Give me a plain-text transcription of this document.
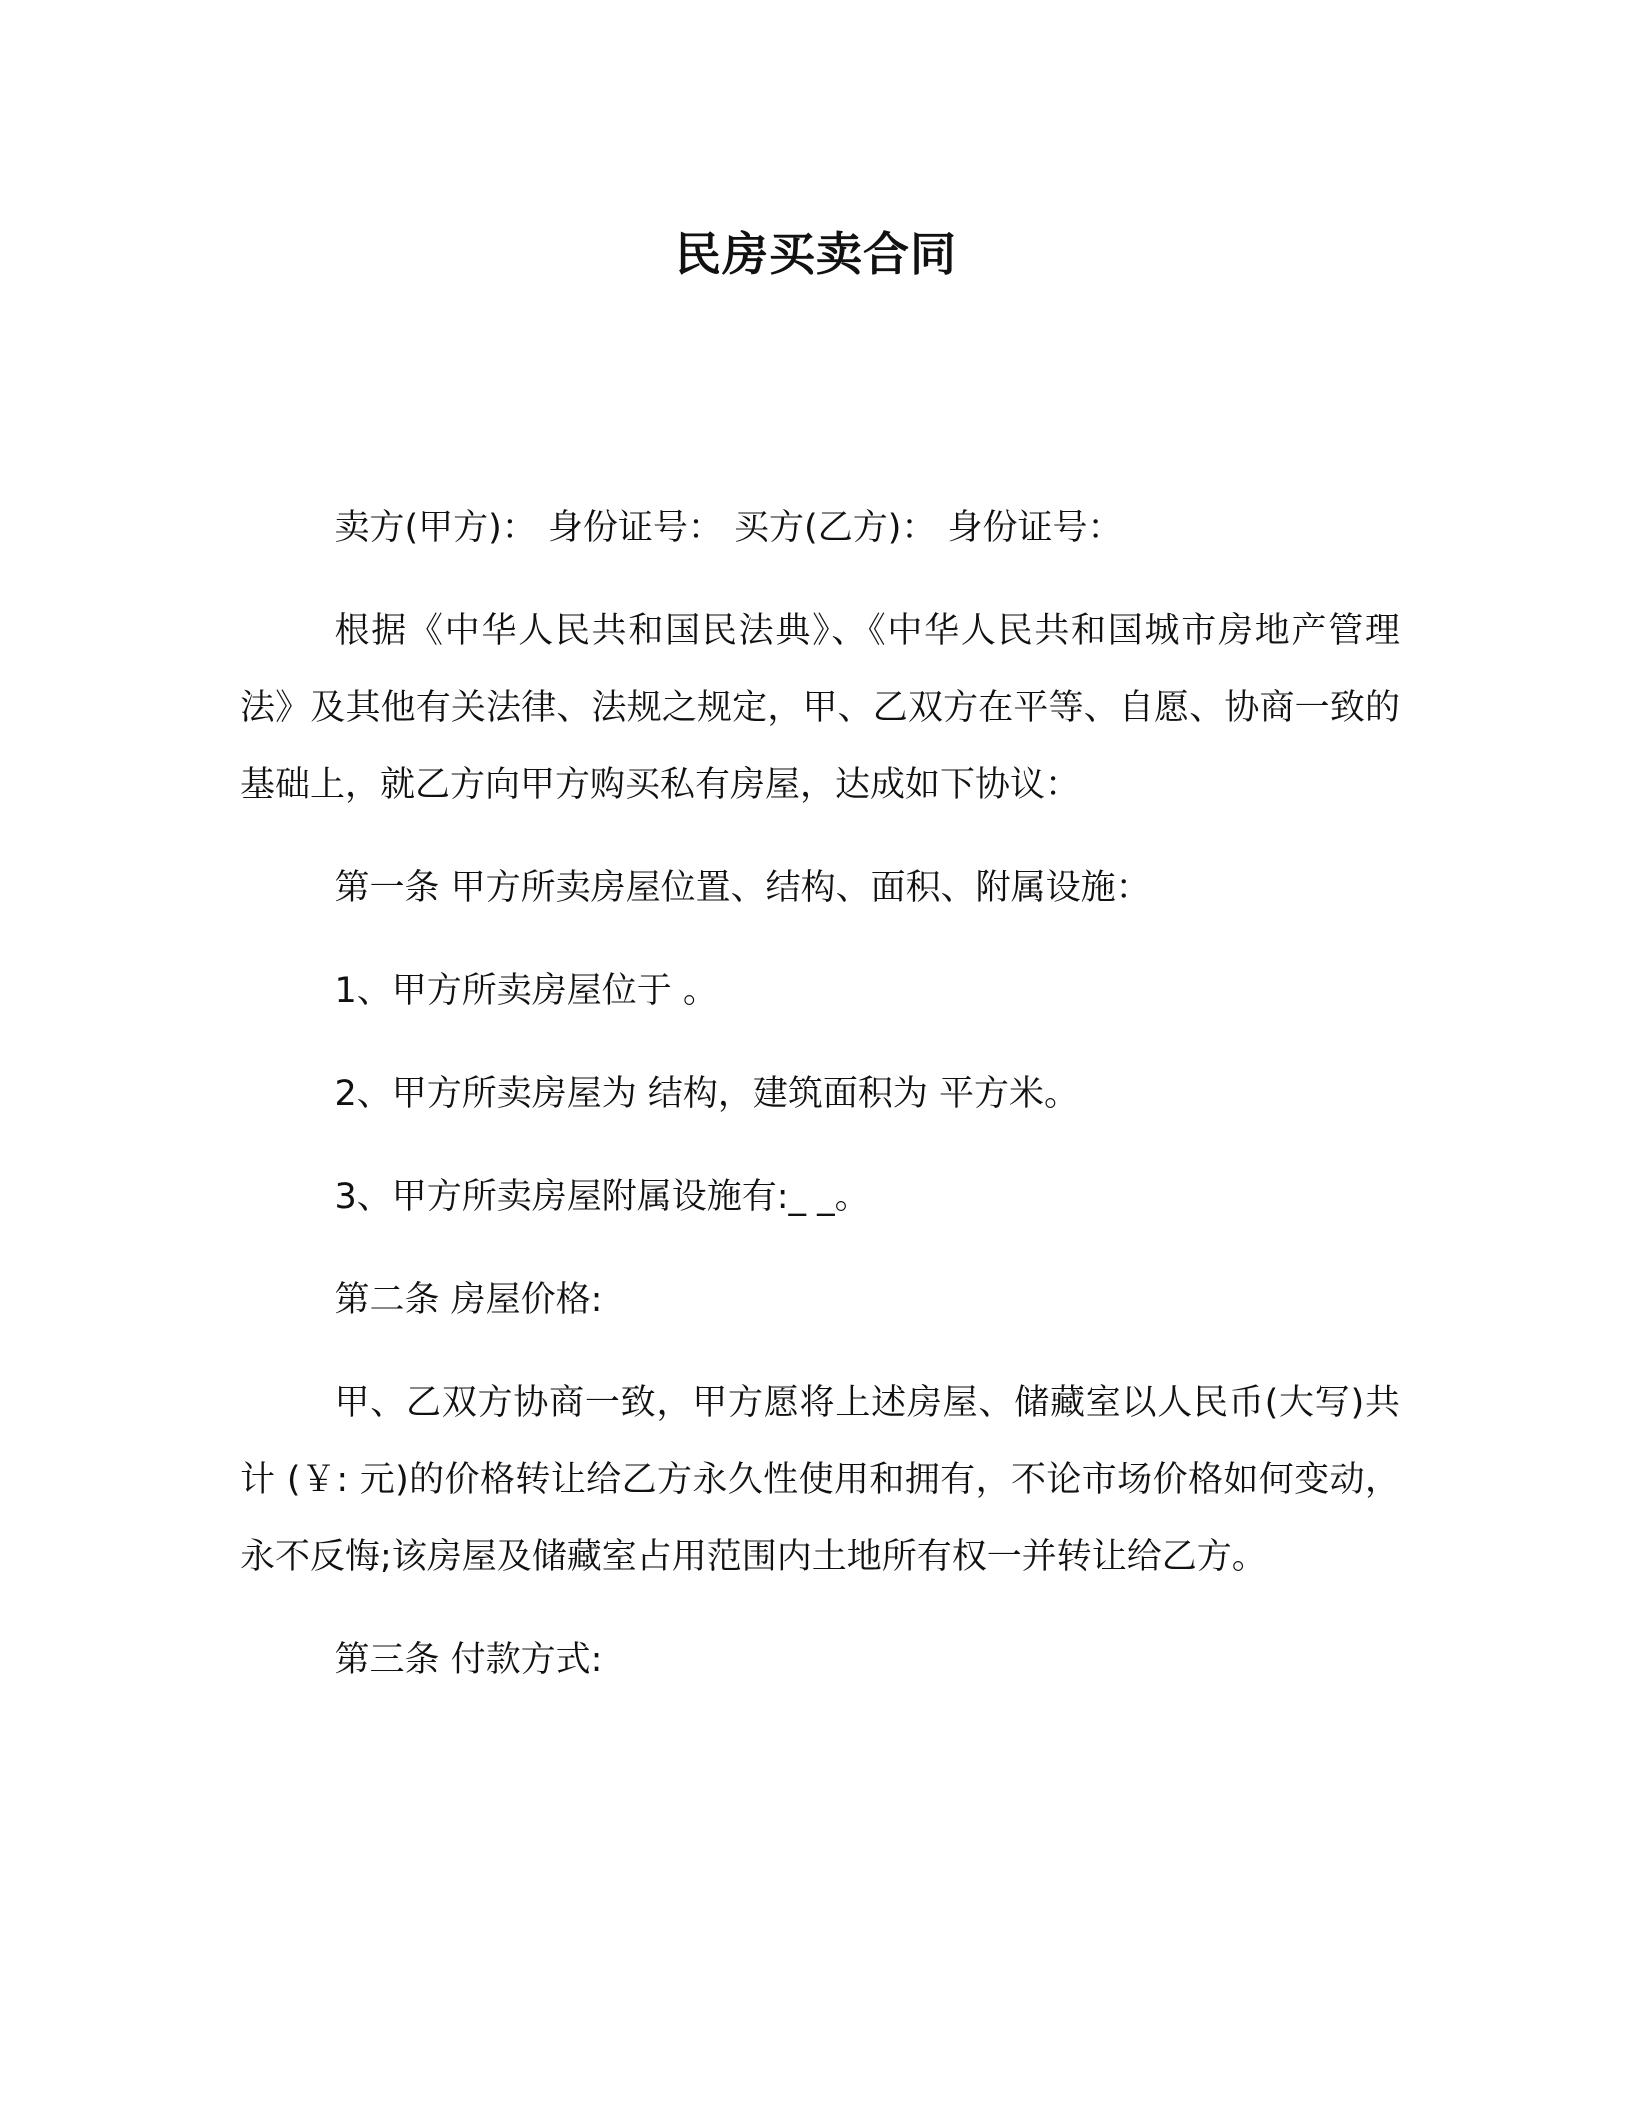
民房买卖合同

卖方(甲方)： 身份证号： 买方(乙方)： 身份证号：

根据《中华人民共和国民法典》、《中华人民共和国城市房地产管理法》及其他有关法律、法规之规定，甲、乙双方在平等、自愿、协商一致的基础上，就乙方向甲方购买私有房屋，达成如下协议：

第一条 甲方所卖房屋位置、结构、面积、附属设施：

1、甲方所卖房屋位于 。

2、甲方所卖房屋为 结构，建筑面积为 平方米。

3、甲方所卖房屋附属设施有:_ _。

第二条 房屋价格:

甲、乙双方协商一致，甲方愿将上述房屋、储藏室以人民币(大写)共计 (￥: 元)的价格转让给乙方永久性使用和拥有，不论市场价格如何变动，永不反悔;该房屋及储藏室占用范围内土地所有权一并转让给乙方。

第三条 付款方式:
